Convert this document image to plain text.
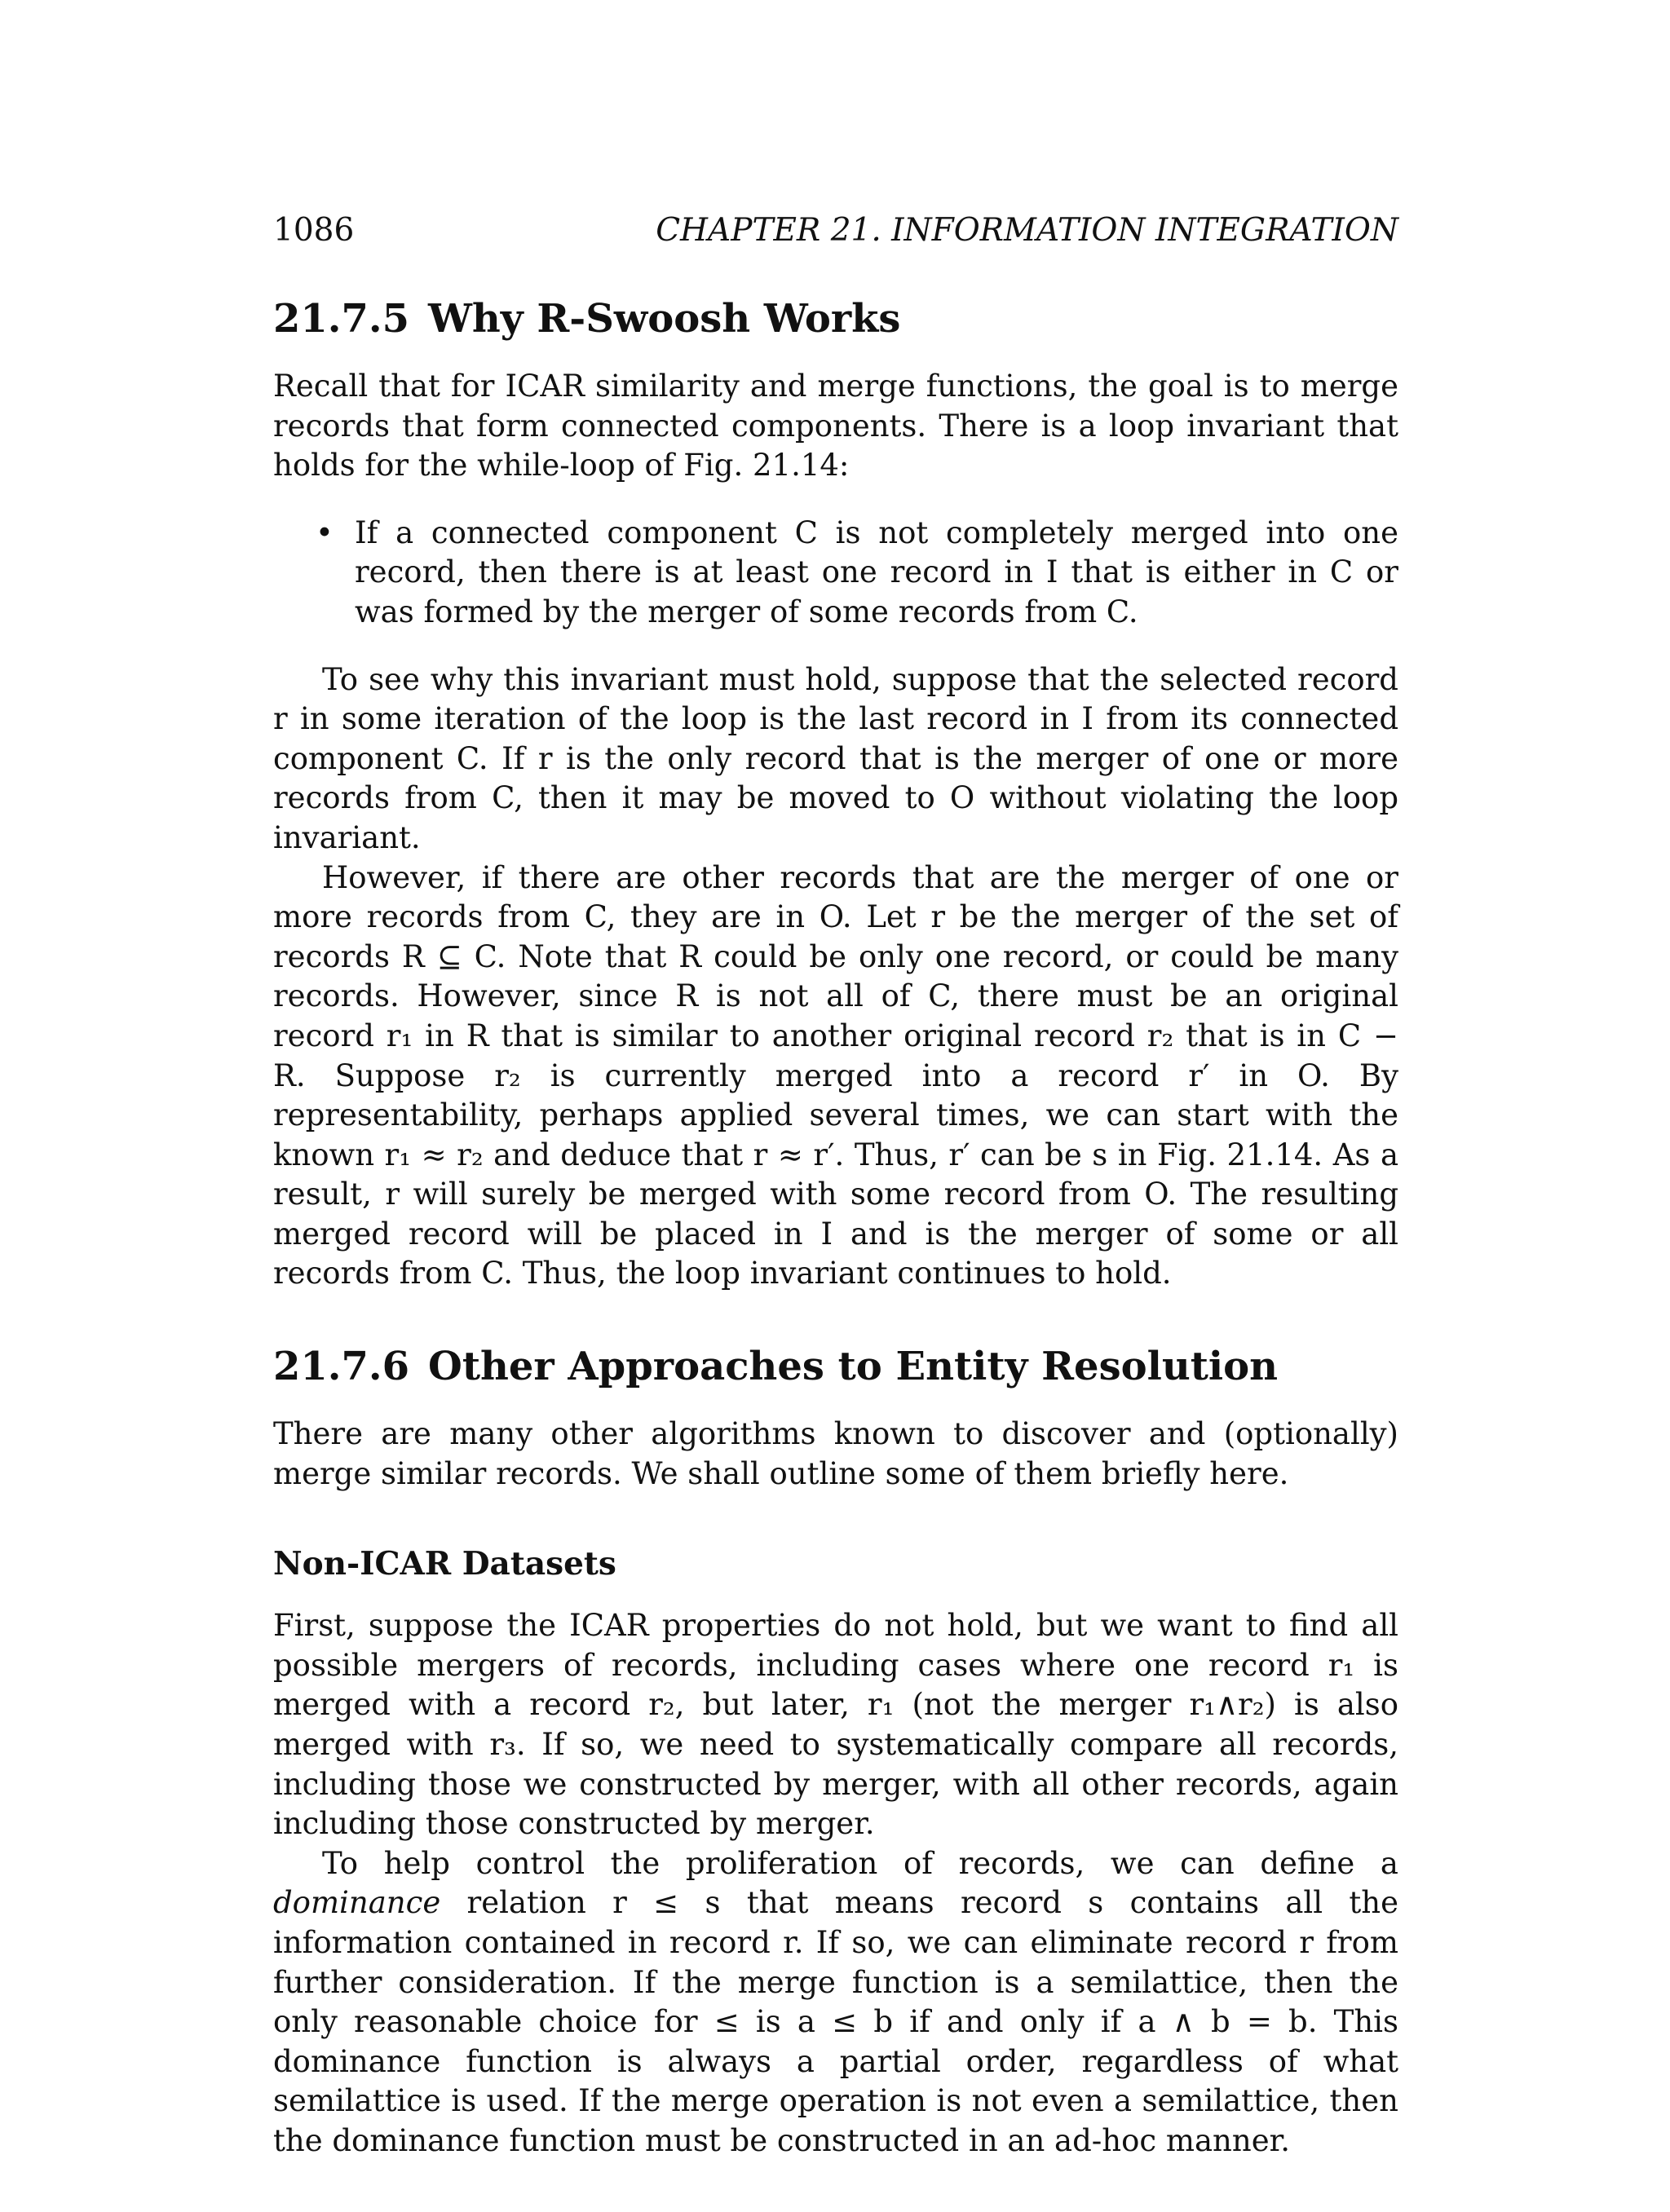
1086	CHAPTER 21. INFORMATION INTEGRATION
21.7.5 Why R-Swoosh Works

Recall that for ICAR similarity and merge functions, the goal is to merge records that form connected components. There is a loop invariant that holds for the while-loop of Fig. 21.14:

• If a connected component C is not completely merged into one record, then there is at least one record in I that is either in C or was formed by the merger of some records from C.

To see why this invariant must hold, suppose that the selected record r in some iteration of the loop is the last record in I from its connected component C. If r is the only record that is the merger of one or more records from C, then it may be moved to O without violating the loop invariant.

However, if there are other records that are the merger of one or more records from C, they are in O. Let r be the merger of the set of records R ⊆ C. Note that R could be only one record, or could be many records. However, since R is not all of C, there must be an original record r₁ in R that is similar to another original record r₂ that is in C − R. Suppose r₂ is currently merged into a record r′ in O. By representability, perhaps applied several times, we can start with the known r₁ ≈ r₂ and deduce that r ≈ r′. Thus, r′ can be s in Fig. 21.14. As a result, r will surely be merged with some record from O. The resulting merged record will be placed in I and is the merger of some or all records from C. Thus, the loop invariant continues to hold.

21.7.6 Other Approaches to Entity Resolution

There are many other algorithms known to discover and (optionally) merge similar records. We shall outline some of them briefly here.

Non-ICAR Datasets

First, suppose the ICAR properties do not hold, but we want to find all possible mergers of records, including cases where one record r₁ is merged with a record r₂, but later, r₁ (not the merger r₁∧r₂) is also merged with r₃. If so, we need to systematically compare all records, including those we constructed by merger, with all other records, again including those constructed by merger.

To help control the proliferation of records, we can define a dominance relation r ≤ s that means record s contains all the information contained in record r. If so, we can eliminate record r from further consideration. If the merge function is a semilattice, then the only reasonable choice for ≤ is a ≤ b if and only if a ∧ b = b. This dominance function is always a partial order, regardless of what semilattice is used. If the merge operation is not even a semilattice, then the dominance function must be constructed in an ad-hoc manner.
